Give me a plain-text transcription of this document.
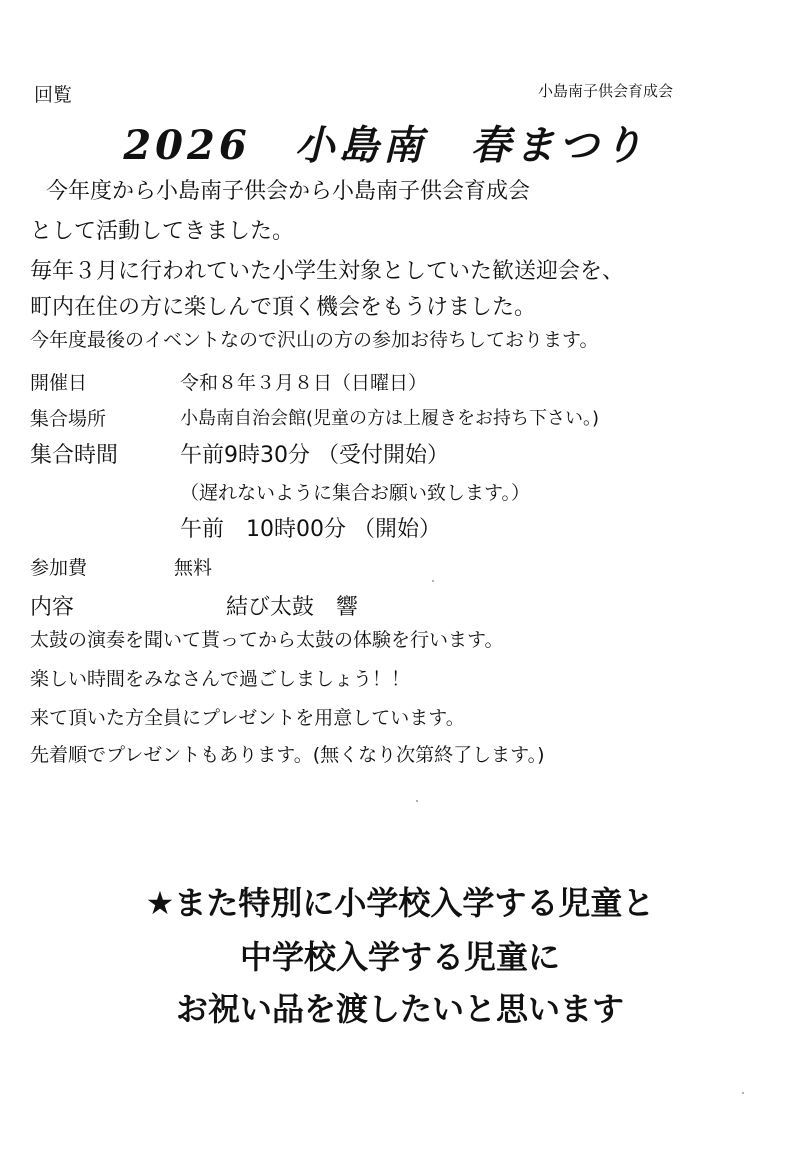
回覧	小島南子供会育成会
2026　小島南　春まつり
今年度から小島南子供会から小島南子供会育成会
として活動してきました。
毎年３月に行われていた小学生対象としていた歓送迎会を、
町内在住の方に楽しんで頂く機会をもうけました。
今年度最後のイベントなので沢山の方の参加お待ちしております。
開催日	令和８年３月８日（日曜日）
集合場所	小島南自治会館(児童の方は上履きをお持ち下さい。)
集合時間	午前9時30分 （受付開始）
（遅れないように集合お願い致します。）
午前　10時00分 （開始）
参加費	無料
内容	結び太鼓　響
太鼓の演奏を聞いて貰ってから太鼓の体験を行います。
楽しい時間をみなさんで過ごしましょう！！
来て頂いた方全員にプレゼントを用意しています。
先着順でプレゼントもあります。(無くなり次第終了します。)
★また特別に小学校入学する児童と
中学校入学する児童に
お祝い品を渡したいと思います
